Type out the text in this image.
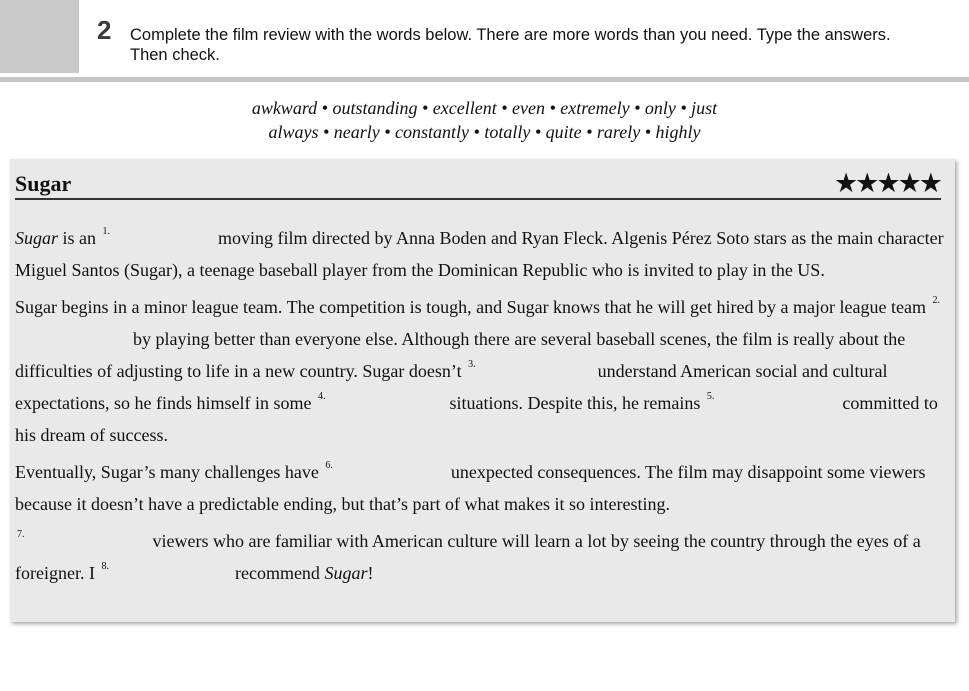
2 Complete the film review with the words below. There are more words than you need. Type the answers. Then check.
awkward • outstanding • excellent • even • extremely • only • just
always • nearly • constantly • totally • quite • rarely • highly
Sugar	★★★★★

Sugar is an $^{1.}$	moving film directed by Anna Boden and Ryan Fleck. Algenis Pérez Soto stars as the main character Miguel Santos (Sugar), a teenage baseball player from the Dominican Republic who is invited to play in the US.

Sugar begins in a minor league team. The competition is tough, and Sugar knows that he will get hired by a major league team $^{2.}$by playing better than everyone else. Although there are several baseball scenes, the film is really about the difficulties of adjusting to life in a new country. Sugar doesn’t $^{3.}$	understand American social and cultural expectations, so he finds himself in some $^{4.}$	situations. Despite this, he remains $^{5.}$	committed to his dream of success.

Eventually, Sugar’s many challenges have $^{6.}$	unexpected consequences. The film may disappoint some viewers because it doesn’t have a predictable ending, but that’s part of what makes it so interesting.

$^{7.}$	viewers who are familiar with American culture will learn a lot by seeing the country through the eyes of a foreigner. I $^{8.}$	recommend Sugar!
